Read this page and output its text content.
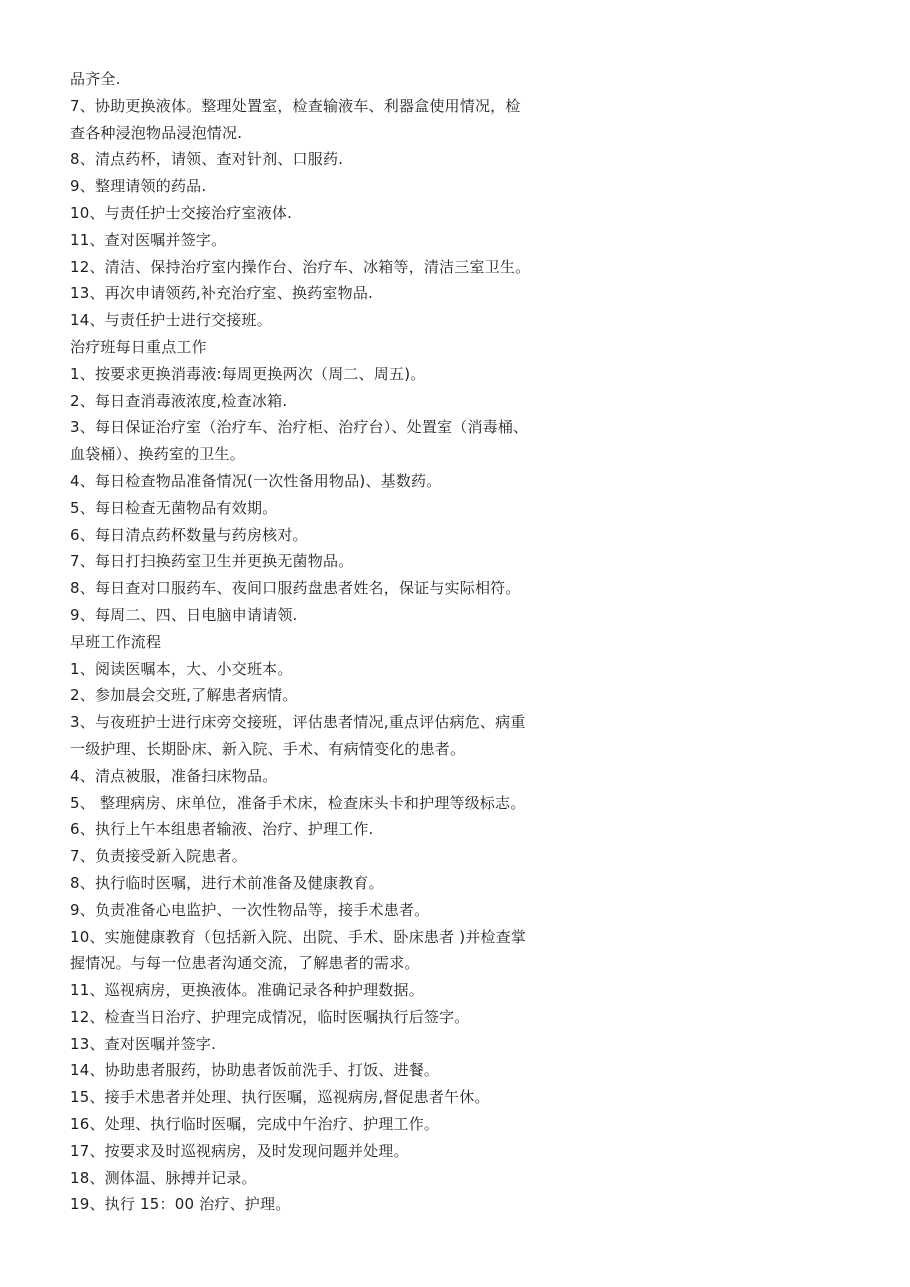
品齐全.
7、协助更换液体。整理处置室，检查输液车、利器盒使用情况，检
查各种浸泡物品浸泡情况.
8、清点药杯，请领、查对针剂、口服药.
9、整理请领的药品.
10、与责任护士交接治疗室液体.
11、查对医嘱并签字。
12、清洁、保持治疗室内操作台、治疗车、冰箱等，清洁三室卫生。
13、再次申请领药,补充治疗室、换药室物品.
14、与责任护士进行交接班。
治疗班每日重点工作
1、按要求更换消毒液:每周更换两次（周二、周五)。
2、每日查消毒液浓度,检查冰箱.
3、每日保证治疗室（治疗车、治疗柜、治疗台）、处置室（消毒桶、
血袋桶）、换药室的卫生。
4、每日检查物品准备情况(一次性备用物品)、基数药。
5、每日检查无菌物品有效期。
6、每日清点药杯数量与药房核对。
7、每日打扫换药室卫生并更换无菌物品。
8、每日查对口服药车、夜间口服药盘患者姓名，保证与实际相符。
9、每周二、四、日电脑申请请领.
早班工作流程
1、阅读医嘱本，大、小交班本。
2、参加晨会交班,了解患者病情。
3、与夜班护士进行床旁交接班，评估患者情况,重点评估病危、病重
一级护理、长期卧床、新入院、手术、有病情变化的患者。
4、清点被服，准备扫床物品。
5、 整理病房、床单位，准备手术床，检查床头卡和护理等级标志。
6、执行上午本组患者输液、治疗、护理工作.
7、负责接受新入院患者。
8、执行临时医嘱，进行术前准备及健康教育。
9、负责准备心电监护、一次性物品等，接手术患者。
10、实施健康教育（包括新入院、出院、手术、卧床患者 )并检查掌
握情况。与每一位患者沟通交流，了解患者的需求。
11、巡视病房，更换液体。准确记录各种护理数据。
12、检查当日治疗、护理完成情况，临时医嘱执行后签字。
13、查对医嘱并签字.
14、协助患者服药，协助患者饭前洗手、打饭、进餐。
15、接手术患者并处理、执行医嘱，巡视病房,督促患者午休。
16、处理、执行临时医嘱，完成中午治疗、护理工作。
17、按要求及时巡视病房，及时发现问题并处理。
18、测体温、脉搏并记录。
19、执行 15：00 治疗、护理。
